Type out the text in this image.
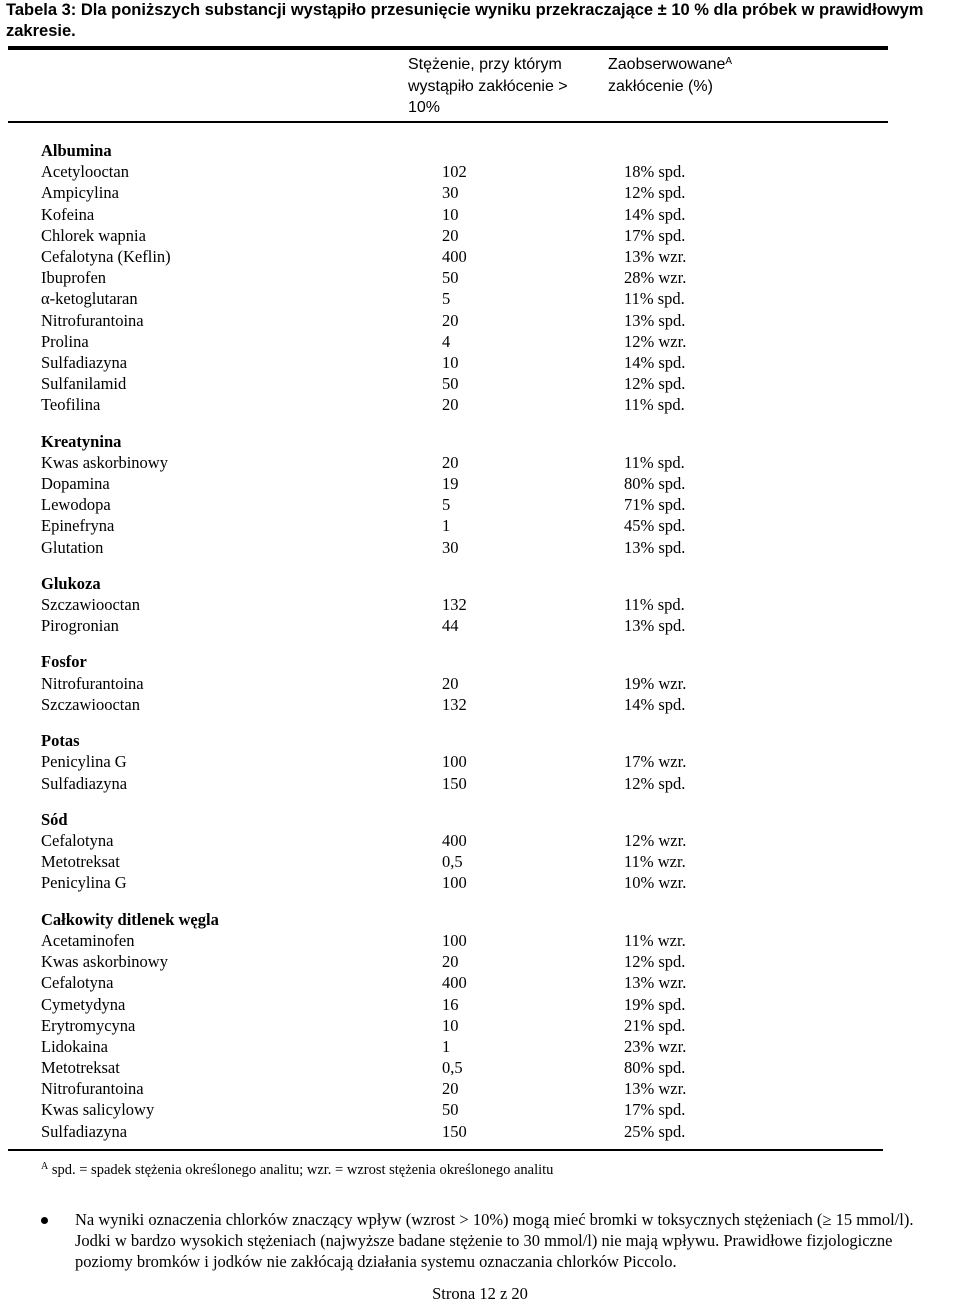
Tabela 3: Dla poniższych substancji wystąpiło przesunięcie wyniku przekraczające ± 10 % dla próbek w prawidłowym zakresie.
Stężenie, przy którym wystąpiło zakłócenie > 10%
Zaobserwowane$^A$
zakłócenie (%)
Albumina
Acetylooctan	102	18% spd.
Ampicylina	30	12% spd.
Kofeina	10	14% spd.
Chlorek wapnia	20	17% spd.
Cefalotyna (Keflin)	400	13% wzr.
Ibuprofen	50	28% wzr.
α-ketoglutaran	5	11% spd.
Nitrofurantoina	20	13% spd.
Prolina	4	12% wzr.
Sulfadiazyna	10	14% spd.
Sulfanilamid	50	12% spd.
Teofilina	20	11% spd.
Kreatynina
Kwas askorbinowy	20	11% spd.
Dopamina	19	80% spd.
Lewodopa	5	71% spd.
Epinefryna	1	45% spd.
Glutation	30	13% spd.
Glukoza
Szczawiooctan	132	11% spd.
Pirogronian	44	13% spd.
Fosfor
Nitrofurantoina	20	19% wzr.
Szczawiooctan	132	14% spd.
Potas
Penicylina G	100	17% wzr.
Sulfadiazyna	150	12% spd.
Sód
Cefalotyna	400	12% wzr.
Metotreksat	0,5	11% wzr.
Penicylina G	100	10% wzr.
Całkowity ditlenek węgla
Acetaminofen	100	11% wzr.
Kwas askorbinowy	20	12% spd.
Cefalotyna	400	13% wzr.
Cymetydyna	16	19% spd.
Erytromycyna	10	21% spd.
Lidokaina	1	23% wzr.
Metotreksat	0,5	80% spd.
Nitrofurantoina	20	13% wzr.
Kwas salicylowy	50	17% spd.
Sulfadiazyna	150	25% spd.
$^A$ spd. = spadek stężenia określonego analitu; wzr. = wzrost stężenia określonego analitu
Na wyniki oznaczenia chlorków znaczący wpływ (wzrost > 10%) mogą mieć bromki w toksycznych stężeniach (≥ 15 mmol/l). Jodki w bardzo wysokich stężeniach (najwyższe badane stężenie to 30 mmol/l) nie mają wpływu. Prawidłowe fizjologiczne poziomy bromków i jodków nie zakłócają działania systemu oznaczania chlorków Piccolo.
Strona 12 z 20
